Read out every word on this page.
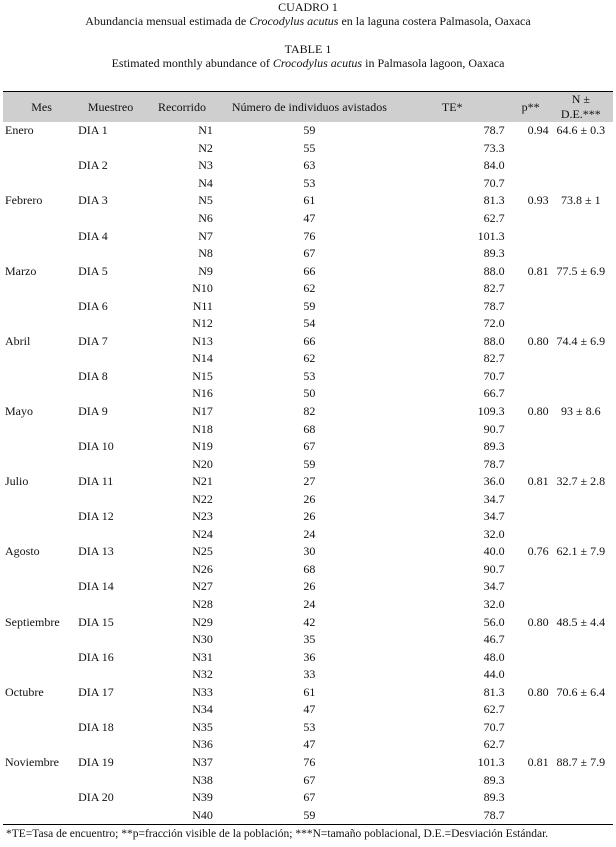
CUADRO 1
Abundancia mensual estimada de Crocodylus acutus en la laguna costera Palmasola, Oaxaca
TABLE 1
Estimated monthly abundance of Crocodylus acutus in Palmasola lagoon, Oaxaca
Mes	Muestreo	Recorrido	Número de individuos avistados	TE*	p**	N ± D.E.***
Enero	DIA 1	N1	59	78.7	0.94	64.6 ± 0.3
		N2	55	73.3		
	DIA 2	N3	63	84.0		
		N4	53	70.7		
Febrero	DIA 3	N5	61	81.3	0.93	73.8 ± 1
		N6	47	62.7		
	DIA 4	N7	76	101.3		
		N8	67	89.3		
Marzo	DIA 5	N9	66	88.0	0.81	77.5 ± 6.9
		N10	62	82.7		
	DIA 6	N11	59	78.7		
		N12	54	72.0		
Abril	DIA 7	N13	66	88.0	0.80	74.4 ± 6.9
		N14	62	82.7		
	DIA 8	N15	53	70.7		
		N16	50	66.7		
Mayo	DIA 9	N17	82	109.3	0.80	93 ± 8.6
		N18	68	90.7		
	DIA 10	N19	67	89.3		
		N20	59	78.7		
Julio	DIA 11	N21	27	36.0	0.81	32.7 ± 2.8
		N22	26	34.7		
	DIA 12	N23	26	34.7		
		N24	24	32.0		
Agosto	DIA 13	N25	30	40.0	0.76	62.1 ± 7.9
		N26	68	90.7		
	DIA 14	N27	26	34.7		
		N28	24	32.0		
Septiembre	DIA 15	N29	42	56.0	0.80	48.5 ± 4.4
		N30	35	46.7		
	DIA 16	N31	36	48.0		
		N32	33	44.0		
Octubre	DIA 17	N33	61	81.3	0.80	70.6 ± 6.4
		N34	47	62.7		
	DIA 18	N35	53	70.7		
		N36	47	62.7		
Noviembre	DIA 19	N37	76	101.3	0.81	88.7 ± 7.9
		N38	67	89.3		
	DIA 20	N39	67	89.3		
		N40	59	78.7		
*TE=Tasa de encuentro; **p=fracción visible de la población; ***N=tamaño poblacional, D.E.=Desviación Estándar.
